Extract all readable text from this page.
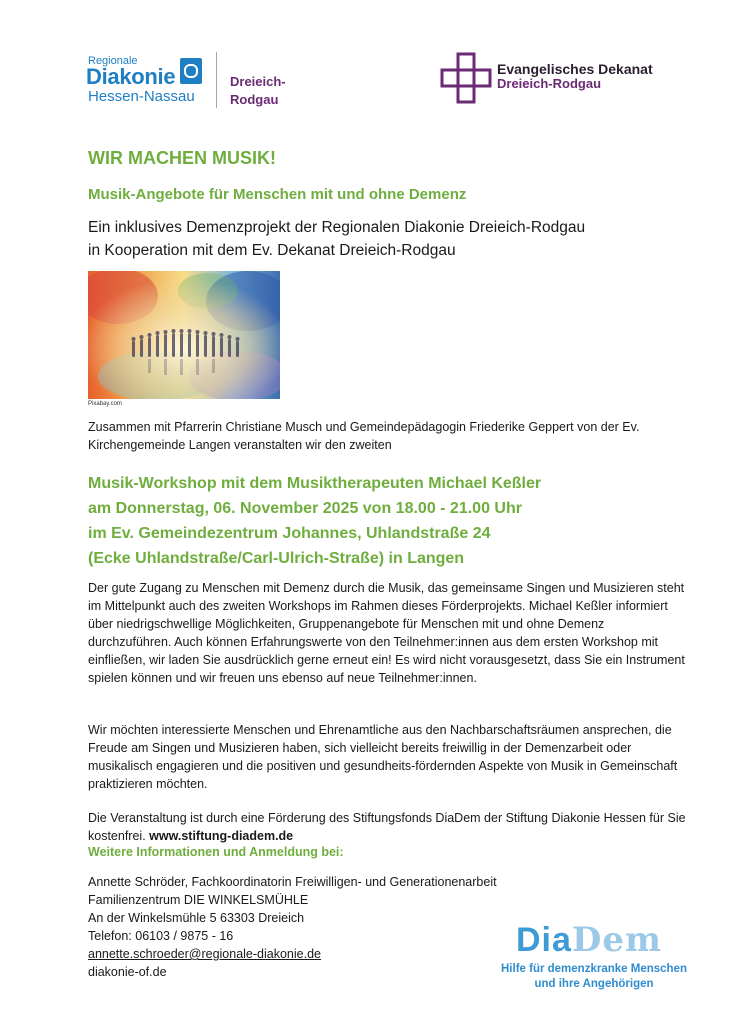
Regionale
Diakonie
Hessen-Nassau
Dreieich-Rodgau
Evangelisches Dekanat
Dreieich-Rodgau
WIR MACHEN MUSIK!
Musik-Angebote für Menschen mit und ohne Demenz
Ein inklusives Demenzprojekt der Regionalen Diakonie Dreieich-Rodgau
in Kooperation mit dem Ev. Dekanat Dreieich-Rodgau
Pixabay.com
Zusammen mit Pfarrerin Christiane Musch und Gemeindepädagogin Friederike Geppert von der Ev. Kirchengemeinde Langen veranstalten wir den zweiten
Musik-Workshop mit dem Musiktherapeuten Michael Keßler
am Donnerstag, 06. November 2025 von 18.00 - 21.00 Uhr
im Ev. Gemeindezentrum Johannes, Uhlandstraße 24
(Ecke Uhlandstraße/Carl-Ulrich-Straße) in Langen
Der gute Zugang zu Menschen mit Demenz durch die Musik, das gemeinsame Singen und Musizieren steht im Mittelpunkt auch des zweiten Workshops im Rahmen dieses Förderprojekts. Michael Keßler informiert über niedrigschwellige Möglichkeiten, Gruppenangebote für Menschen mit und ohne Demenz durchzuführen. Auch können Erfahrungswerte von den Teilnehmer:innen aus dem ersten Workshop mit einfließen, wir laden Sie ausdrücklich gerne erneut ein! Es wird nicht vorausgesetzt, dass Sie ein Instrument spielen können und wir freuen uns ebenso auf neue Teilnehmer:innen.
Wir möchten interessierte Menschen und Ehrenamtliche aus den Nachbarschaftsräumen ansprechen, die Freude am Singen und Musizieren haben, sich vielleicht bereits freiwillig in der Demenzarbeit oder musikalisch engagieren und die positiven und gesundheits-fördernden Aspekte von Musik in Gemeinschaft praktizieren möchten.
Die Veranstaltung ist durch eine Förderung des Stiftungsfonds DiaDem der Stiftung Diakonie Hessen für Sie kostenfrei. www.stiftung-diadem.de
Weitere Informationen und Anmeldung bei:
Annette Schröder, Fachkoordinatorin Freiwilligen- und Generationenarbeit
Familienzentrum DIE WINKELSMÜHLE
An der Winkelsmühle 5 63303 Dreieich
Telefon: 06103 / 9875 - 16
annette.schroeder@regionale-diakonie.de
diakonie-of.de
DiaDem
Hilfe für demenzkranke Menschen
und ihre Angehörigen
